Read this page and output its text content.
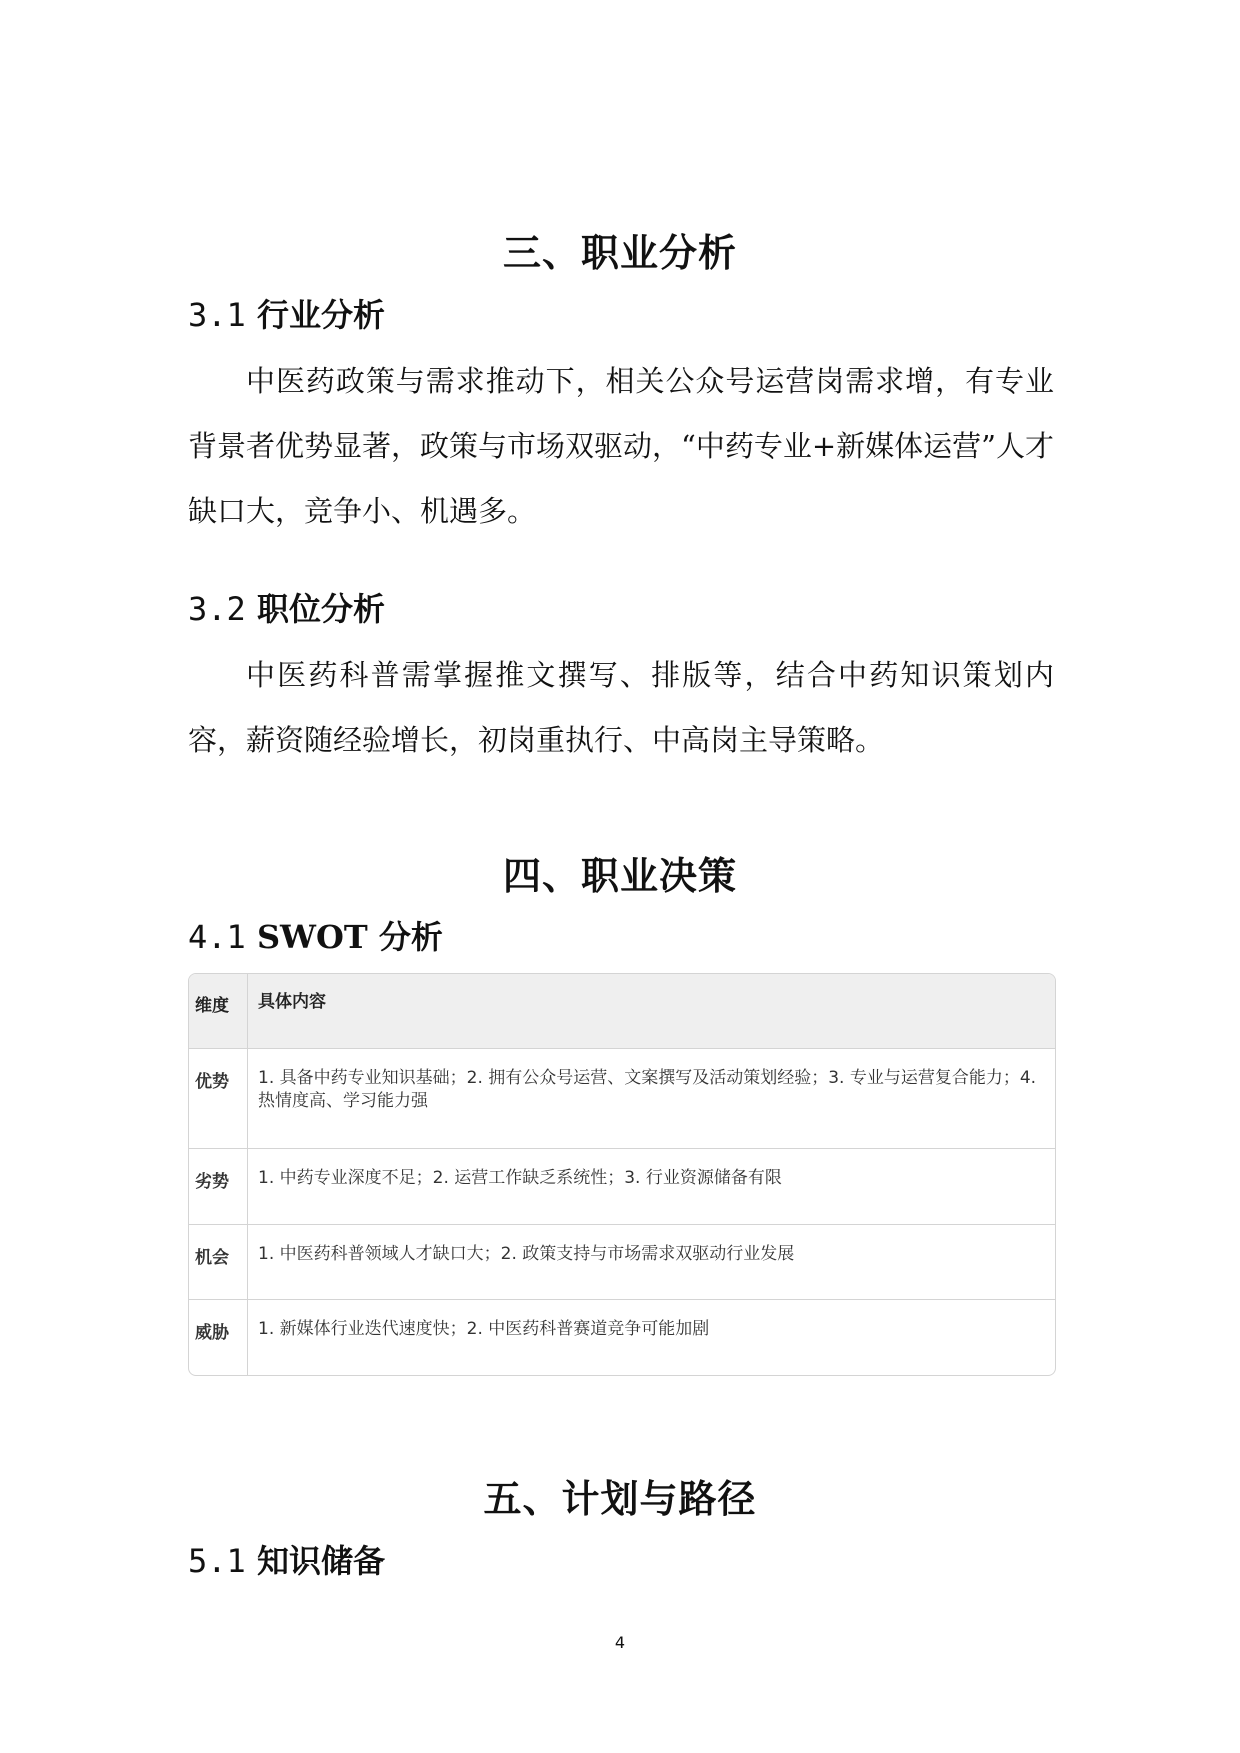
三、职业分析
3.1 行业分析
中医药政策与需求推动下，相关公众号运营岗需求增，有专业背景者优势显著，政策与市场双驱动，“中药专业+新媒体运营”人才缺口大，竞争小、机遇多。
3.2 职位分析
中医药科普需掌握推文撰写、排版等，结合中药知识策划内容，薪资随经验增长，初岗重执行、中高岗主导策略。
四、职业决策
4.1 SWOT 分析
维度	具体内容
优势	1. 具备中药专业知识基础；2. 拥有公众号运营、文案撰写及活动策划经验；3. 专业与运营复合能力；4. 热情度高、学习能力强
劣势	1. 中药专业深度不足；2. 运营工作缺乏系统性；3. 行业资源储备有限
机会	1. 中医药科普领域人才缺口大；2. 政策支持与市场需求双驱动行业发展
威胁	1. 新媒体行业迭代速度快；2. 中医药科普赛道竞争可能加剧
五、计划与路径
5.1 知识储备
4
